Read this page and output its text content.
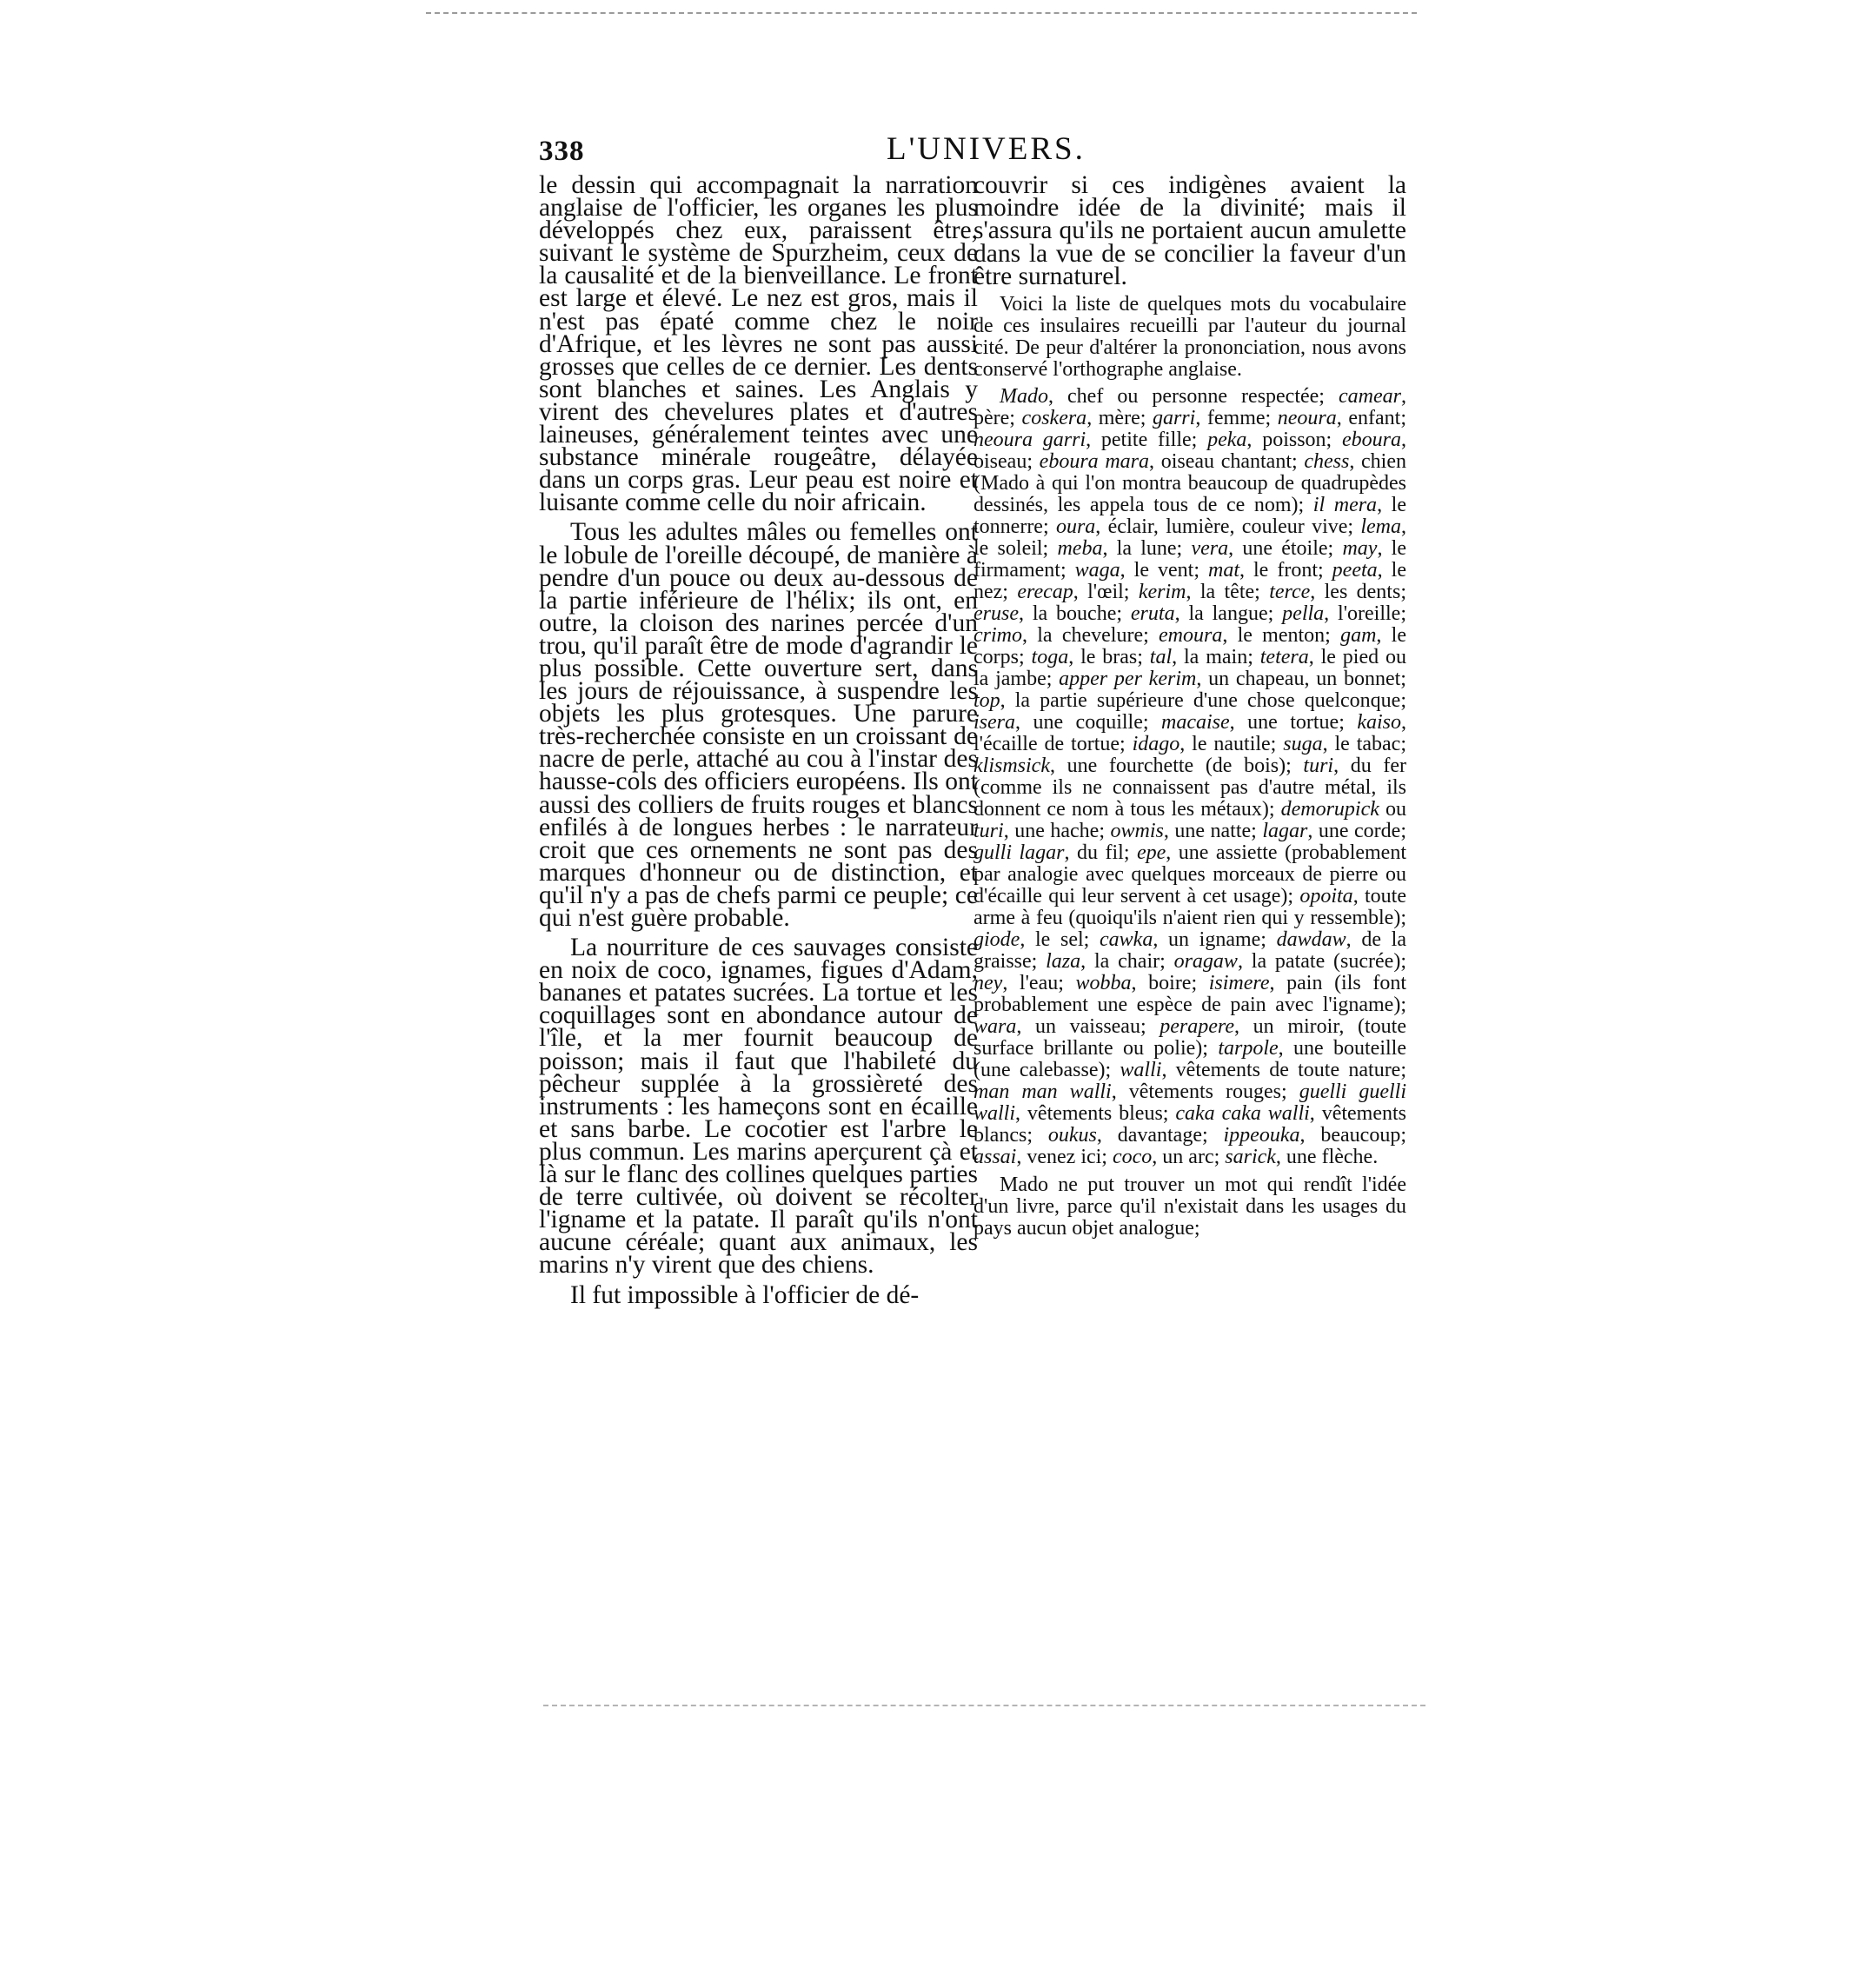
338	L'UNIVERS.

le dessin qui accompagnait la narration anglaise de l'officier, les organes les plus développés chez eux, paraissent être, suivant le système de Spurzheim, ceux de la causalité et de la bienveillance. Le front est large et élevé. Le nez est gros, mais il n'est pas épaté comme chez le noir d'Afrique, et les lèvres ne sont pas aussi grosses que celles de ce dernier. Les dents sont blanches et saines. Les Anglais y virent des chevelures plates et d'autres laineuses, généralement teintes avec une substance minérale rougeâtre, délayée dans un corps gras. Leur peau est noire et luisante comme celle du noir africain.

Tous les adultes mâles ou femelles ont le lobule de l'oreille découpé, de manière à pendre d'un pouce ou deux au-dessous de la partie inférieure de l'hélix; ils ont, en outre, la cloison des narines percée d'un trou, qu'il paraît être de mode d'agrandir le plus possible. Cette ouverture sert, dans les jours de réjouissance, à suspendre les objets les plus grotesques. Une parure très-recherchée consiste en un croissant de nacre de perle, attaché au cou à l'instar des hausse-cols des officiers européens. Ils ont aussi des colliers de fruits rouges et blancs enfilés à de longues herbes : le narrateur croit que ces ornements ne sont pas des marques d'honneur ou de distinction, et qu'il n'y a pas de chefs parmi ce peuple; ce qui n'est guère probable.

La nourriture de ces sauvages consiste en noix de coco, ignames, figues d'Adam, bananes et patates sucrées. La tortue et les coquillages sont en abondance autour de l'île, et la mer fournit beaucoup de poisson; mais il faut que l'habileté du pêcheur supplée à la grossièreté des instruments : les hameçons sont en écaille et sans barbe. Le cocotier est l'arbre le plus commun. Les marins aperçurent çà et là sur le flanc des collines quelques parties de terre cultivée, où doivent se récolter l'igname et la patate. Il paraît qu'ils n'ont aucune céréale; quant aux animaux, les marins n'y virent que des chiens.

Il fut impossible à l'officier de dé-

couvrir si ces indigènes avaient la moindre idée de la divinité; mais il s'assura qu'ils ne portaient aucun amulette dans la vue de se concilier la faveur d'un être surnaturel.

Voici la liste de quelques mots du vocabulaire de ces insulaires recueilli par l'auteur du journal cité. De peur d'altérer la prononciation, nous avons conservé l'orthographe anglaise.

Mado, chef ou personne respectée; camear, père; coskera, mère; garri, femme; neoura, enfant; neoura garri, petite fille; peka, poisson; eboura, oiseau; eboura mara, oiseau chantant; chess, chien (Mado à qui l'on montra beaucoup de quadrupèdes dessinés, les appela tous de ce nom); il mera, le tonnerre; oura, éclair, lumière, couleur vive; lema, le soleil; meba, la lune; vera, une étoile; may, le firmament; waga, le vent; mat, le front; peeta, le nez; erecap, l'œil; kerim, la tête; terce, les dents; eruse, la bouche; eruta, la langue; pella, l'oreille; crimo, la chevelure; emoura, le menton; gam, le corps; toga, le bras; tal, la main; tetera, le pied ou la jambe; apper per kerim, un chapeau, un bonnet; top, la partie supérieure d'une chose quelconque; isera, une coquille; macaise, une tortue; kaiso, l'écaille de tortue; idago, le nautile; suga, le tabac; klismsick, une fourchette (de bois); turi, du fer (comme ils ne connaissent pas d'autre métal, ils donnent ce nom à tous les métaux); demorupick ou turi, une hache; owmis, une natte; lagar, une corde; gulli lagar, du fil; epe, une assiette (probablement par analogie avec quelques morceaux de pierre ou d'écaille qui leur servent à cet usage); opoita, toute arme à feu (quoiqu'ils n'aient rien qui y ressemble); giode, le sel; cawka, un igname; dawdaw, de la graisse; laza, la chair; oragaw, la patate (sucrée); ney, l'eau; wobba, boire; isimere, pain (ils font probablement une espèce de pain avec l'igname); wara, un vaisseau; perapere, un miroir, (toute surface brillante ou polie); tarpole, une bouteille (une calebasse); walli, vêtements de toute nature; man man walli, vêtements rouges; guelli guelli walli, vêtements bleus; caka caka walli, vêtements blancs; oukus, davantage; ippeouka, beaucoup; assai, venez ici; coco, un arc; sarick, une flèche.

Mado ne put trouver un mot qui rendît l'idée d'un livre, parce qu'il n'existait dans les usages du pays aucun objet analogue;
